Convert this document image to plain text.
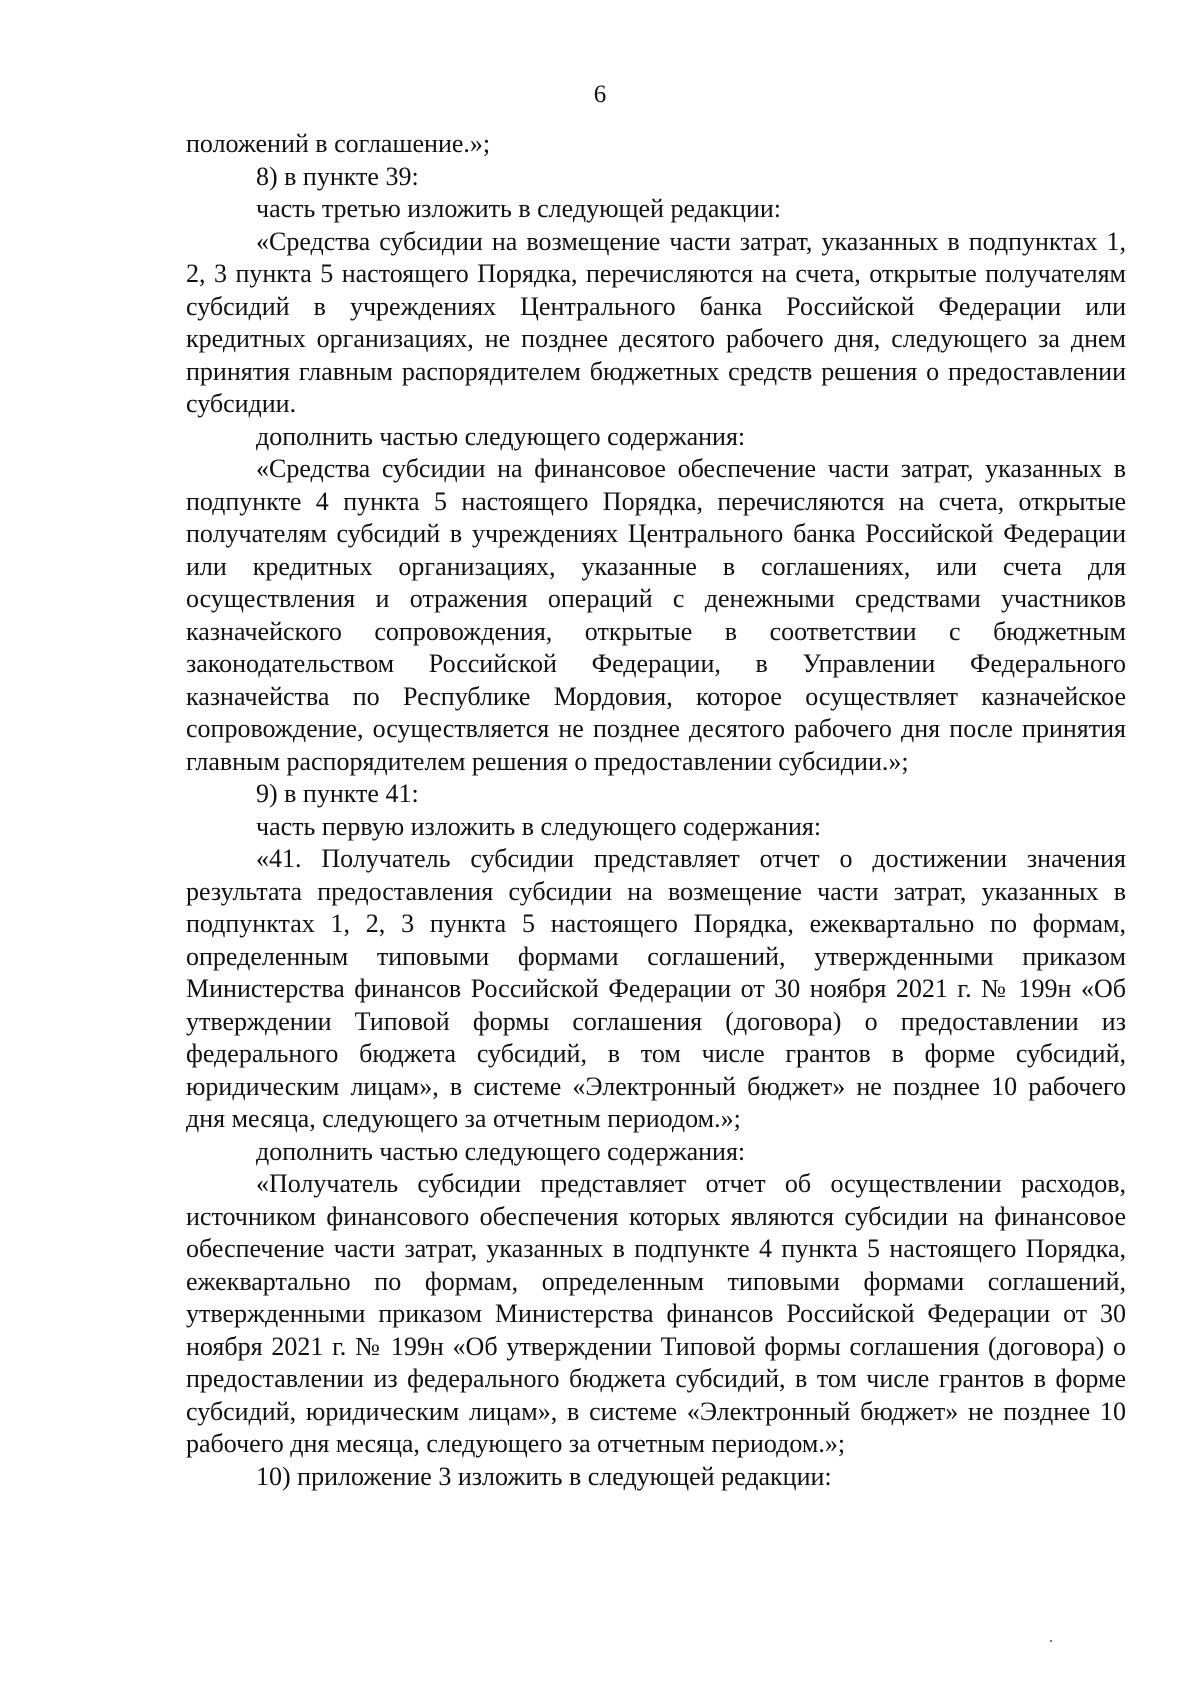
6

положений в соглашение.»;

8) в пункте 39:

часть третью изложить в следующей редакции:

«Средства субсидии на возмещение части затрат, указанных в подпунктах 1, 2, 3 пункта 5 настоящего Порядка, перечисляются на счета, открытые получателям субсидий в учреждениях Центрального банка Российской Федерации или кредитных организациях, не позднее десятого рабочего дня, следующего за днем принятия главным распорядителем бюджетных средств решения о предоставлении субсидии.

дополнить частью следующего содержания:

«Средства субсидии на финансовое обеспечение части затрат, указанных в подпункте 4 пункта 5 настоящего Порядка, перечисляются на счета, открытые получателям субсидий в учреждениях Центрального банка Российской Федерации или кредитных организациях, указанные в соглашениях, или счета для осуществления и отражения операций с денежными средствами участников казначейского сопровождения, открытые в соответствии с бюджетным законодательством Российской Федерации, в Управлении Федерального казначейства по Республике Мордовия, которое осуществляет казначейское сопровождение, осуществляется не позднее десятого рабочего дня после принятия главным распорядителем решения о предоставлении субсидии.»;

9) в пункте 41:

часть первую изложить в следующего содержания:

«41. Получатель субсидии представляет отчет о достижении значения результата предоставления субсидии на возмещение части затрат, указанных в подпунктах 1, 2, 3 пункта 5 настоящего Порядка, ежеквартально по формам, определенным типовыми формами соглашений, утвержденными приказом Министерства финансов Российской Федерации от 30 ноября 2021 г. № 199н «Об утверждении Типовой формы соглашения (договора) о предоставлении из федерального бюджета субсидий, в том числе грантов в форме субсидий, юридическим лицам», в системе «Электронный бюджет» не позднее 10 рабочего дня месяца, следующего за отчетным периодом.»;

дополнить частью следующего содержания:

«Получатель субсидии представляет отчет об осуществлении расходов, источником финансового обеспечения которых являются субсидии на финансовое обеспечение части затрат, указанных в подпункте 4 пункта 5 настоящего Порядка, ежеквартально по формам, определенным типовыми формами соглашений, утвержденными приказом Министерства финансов Российской Федерации от 30 ноября 2021 г. № 199н «Об утверждении Типовой формы соглашения (договора) о предоставлении из федерального бюджета субсидий, в том числе грантов в форме субсидий, юридическим лицам», в системе «Электронный бюджет» не позднее 10 рабочего дня месяца, следующего за отчетным периодом.»;

10) приложение 3 изложить в следующей редакции:
